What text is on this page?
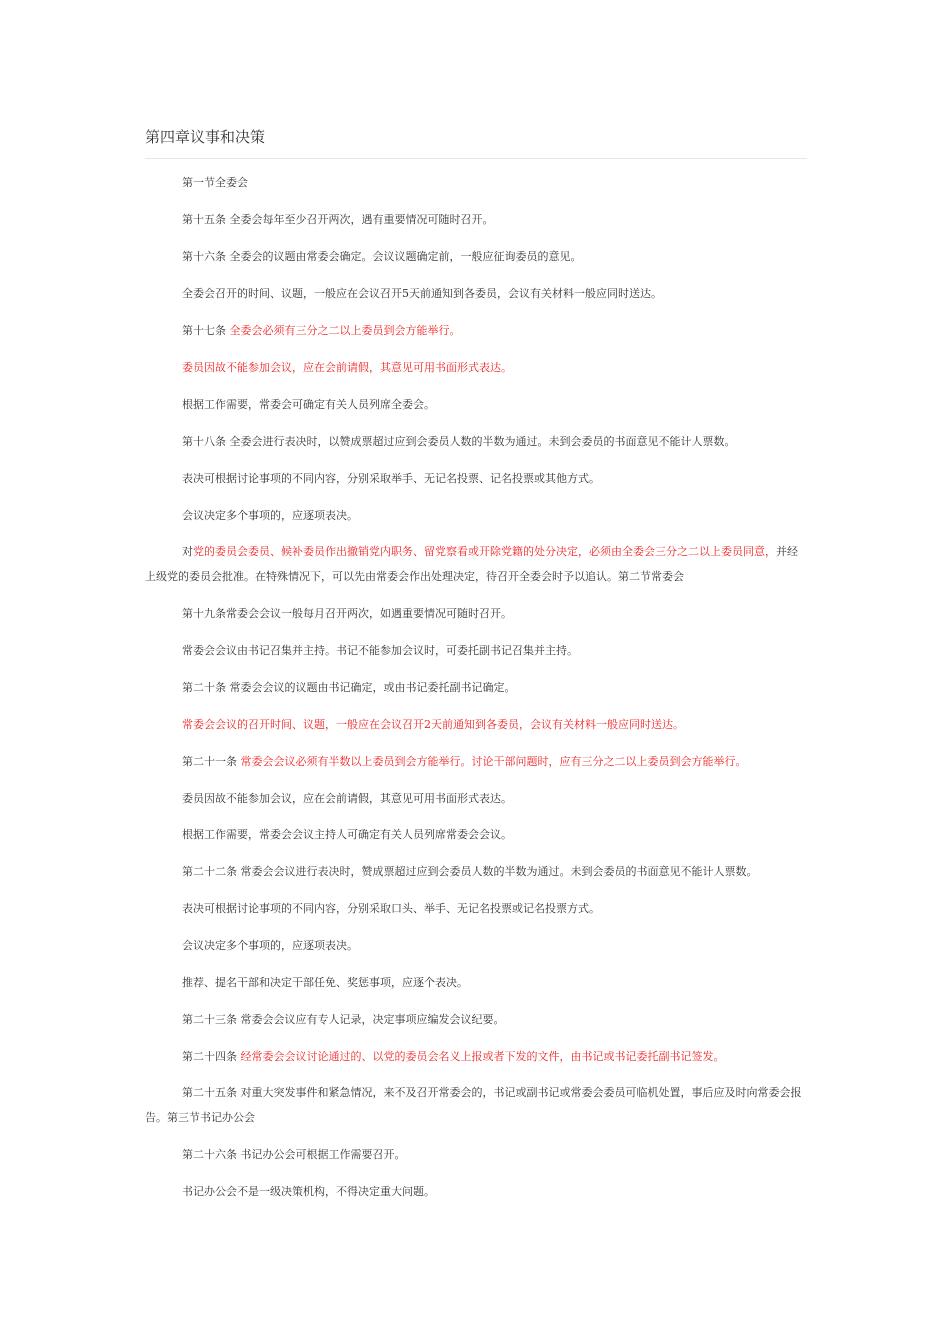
第四章议事和决策

第一节全委会

第十五条 全委会每年至少召开两次，遇有重要情况可随时召开。

第十六条 全委会的议题由常委会确定。会议议题确定前，一般应征询委员的意见。

全委会召开的时间、议题，一般应在会议召开5天前通知到各委员，会议有关材料一般应同时送达。

第十七条 全委会必须有三分之二以上委员到会方能举行。

委员因故不能参加会议，应在会前请假，其意见可用书面形式表达。

根据工作需要，常委会可确定有关人员列席全委会。

第十八条 全委会进行表决时，以赞成票超过应到会委员人数的半数为通过。未到会委员的书面意见不能计人票数。

表决可根据讨论事项的不同内容，分别采取举手、无记名投票、记名投票或其他方式。

会议决定多个事项的，应逐项表决。

对党的委员会委员、候补委员作出撤销党内职务、留党察看或开除党籍的处分决定，必须由全委会三分之二以上委员同意，并经上级党的委员会批准。在特殊情况下，可以先由常委会作出处理决定，待召开全委会时予以追认。第二节常委会

第十九条常委会会议一般每月召开两次，如遇重要情况可随时召开。

常委会会议由书记召集并主持。书记不能参加会议时，可委托副书记召集并主持。

第二十条 常委会会议的议题由书记确定，或由书记委托副书记确定。

常委会会议的召开时间、议题，一般应在会议召开2天前通知到各委员，会议有关材料一般应同时送达。

第二十一条 常委会会议必须有半数以上委员到会方能举行。讨论干部问题时，应有三分之二以上委员到会方能举行。

委员因故不能参加会议，应在会前请假，其意见可用书面形式表达。

根据工作需要，常委会会议主持人可确定有关人员列席常委会会议。

第二十二条 常委会会议进行表决时，赞成票超过应到会委员人数的半数为通过。未到会委员的书面意见不能计人票数。

表决可根据讨论事项的不同内容，分别采取口头、举手、无记名投票或记名投票方式。

会议决定多个事项的，应逐项表决。

推荐、提名干部和决定干部任免、奖惩事项，应逐个表决。

第二十三条 常委会会议应有专人记录，决定事项应编发会议纪要。

第二十四条 经常委会会议讨论通过的、以党的委员会名义上报或者下发的文件，由书记或书记委托副书记签发。

第二十五条 对重大突发事件和紧急情况，来不及召开常委会的，书记或副书记或常委会委员可临机处置，事后应及时向常委会报告。第三节书记办公会

第二十六条 书记办公会可根据工作需要召开。

书记办公会不是一级决策机构，不得决定重大问题。
